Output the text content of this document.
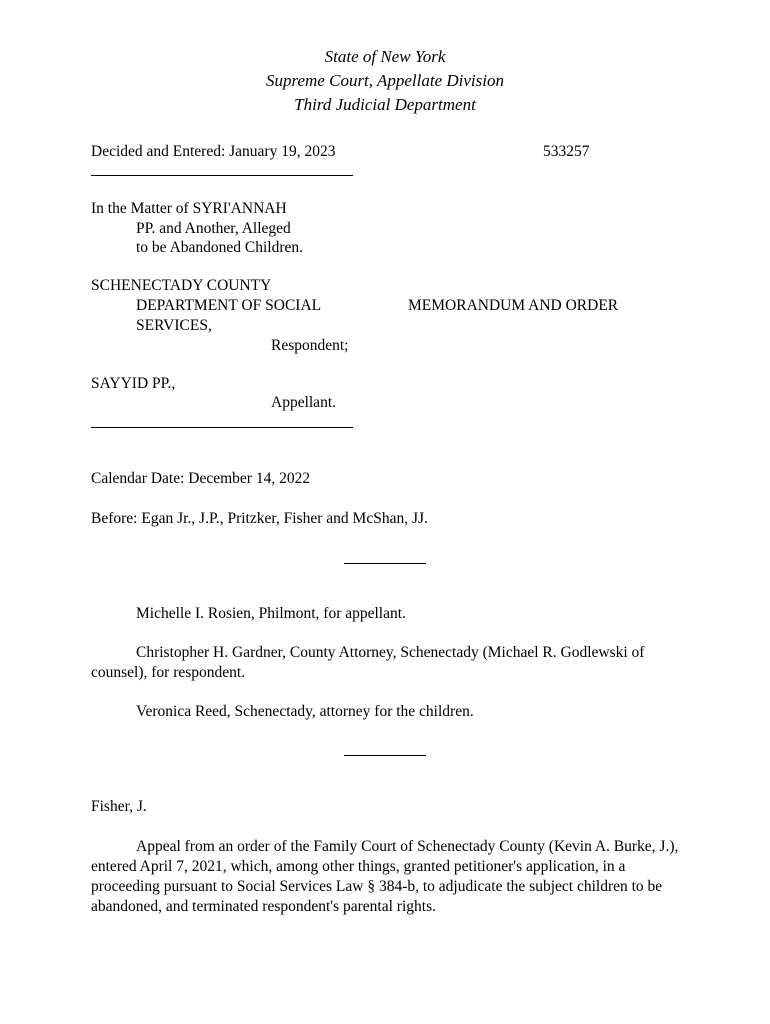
State of New York
Supreme Court, Appellate Division
Third Judicial Department
Decided and Entered: January 19, 2023	533257
In the Matter of SYRI'ANNAH
PP. and Another, Alleged
to be Abandoned Children.
SCHENECTADY COUNTY
DEPARTMENT OF SOCIAL
SERVICES,
Respondent;
MEMORANDUM AND ORDER
SAYYID PP.,
Appellant.
Calendar Date: December 14, 2022
Before: Egan Jr., J.P., Pritzker, Fisher and McShan, JJ.
Michelle I. Rosien, Philmont, for appellant.
Christopher H. Gardner, County Attorney, Schenectady (Michael R. Godlewski of counsel), for respondent.
Veronica Reed, Schenectady, attorney for the children.
Fisher, J.
Appeal from an order of the Family Court of Schenectady County (Kevin A. Burke, J.), entered April 7, 2021, which, among other things, granted petitioner's application, in a proceeding pursuant to Social Services Law § 384-b, to adjudicate the subject children to be abandoned, and terminated respondent's parental rights.
